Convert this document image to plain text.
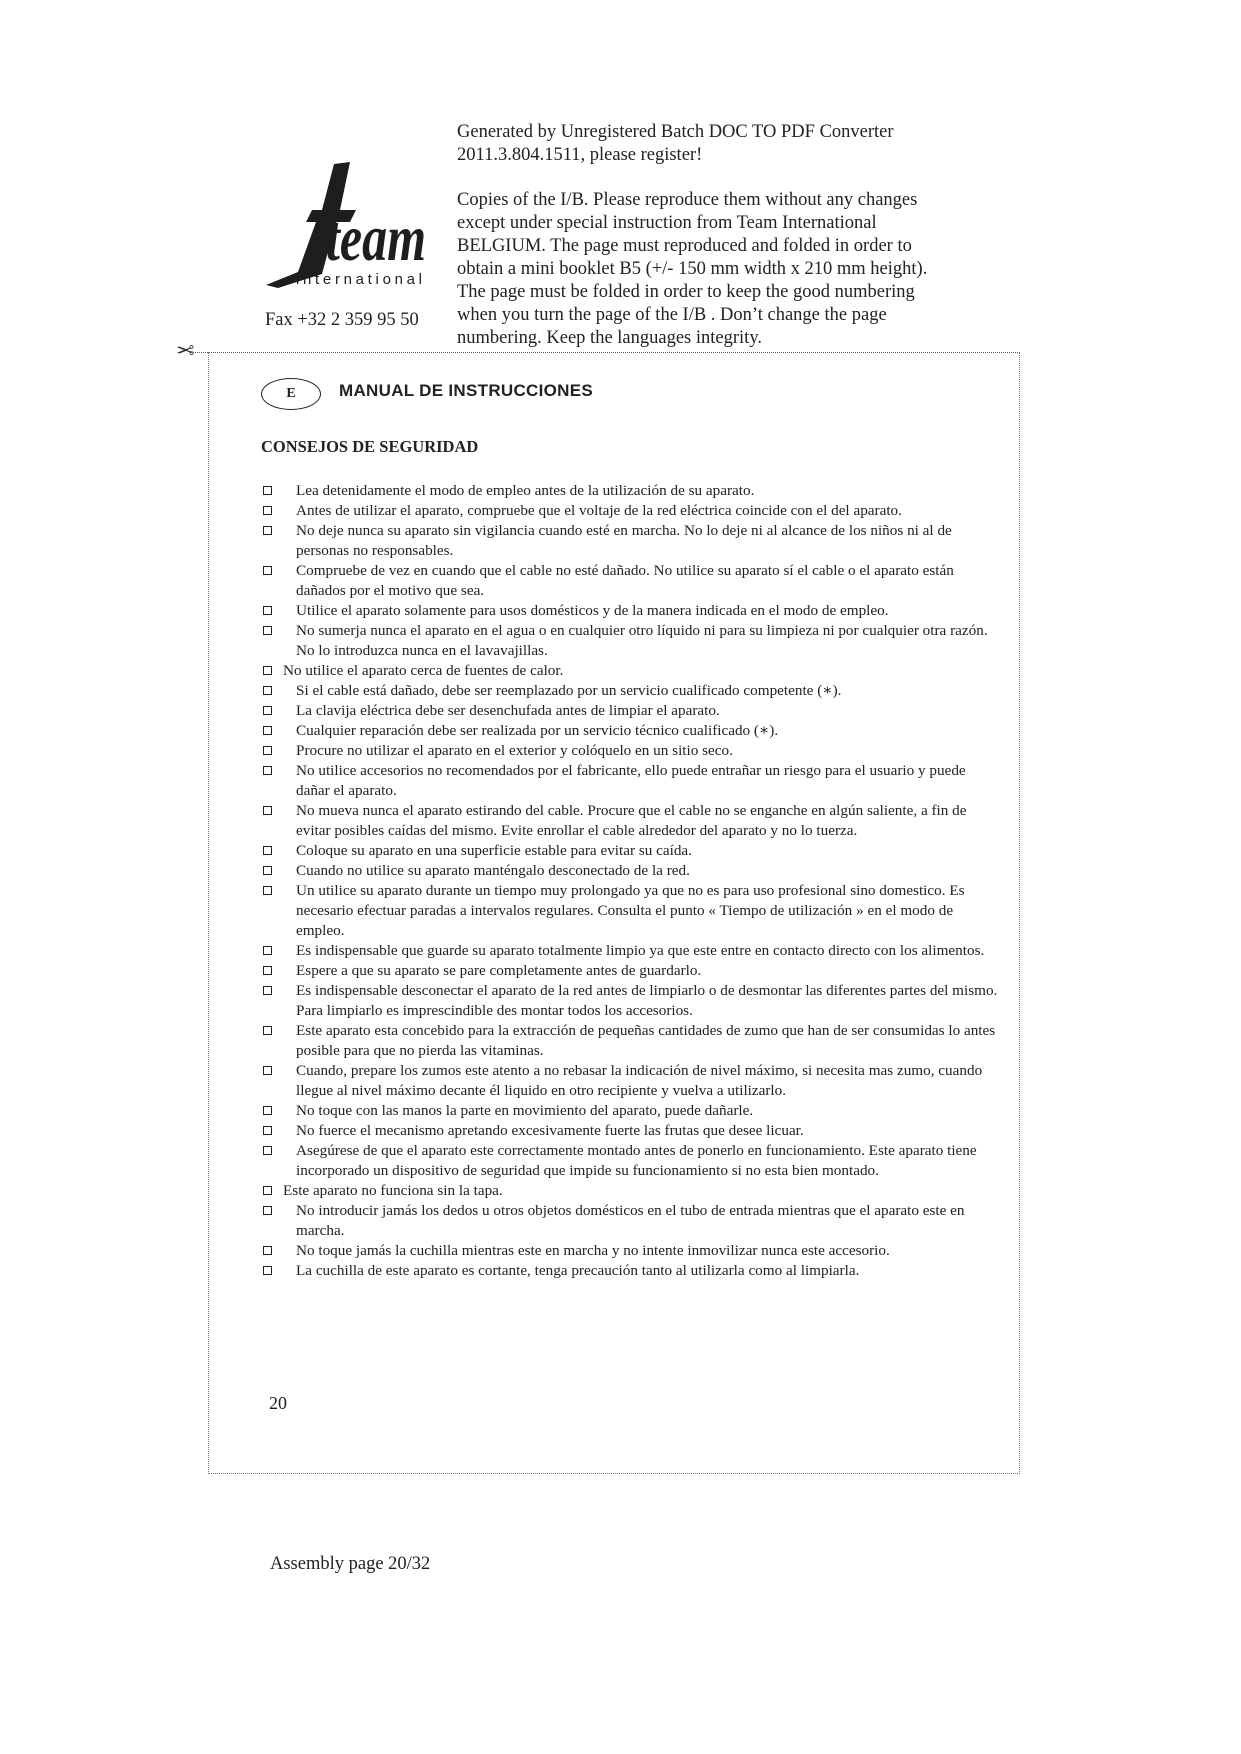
Generated by Unregistered Batch DOC TO PDF Converter

2011.3.804.1511, please register!

Copies of the I/B. Please reproduce them without any changes

except under special instruction from Team International

BELGIUM. The page must reproduced and folded in order to

obtain a mini booklet B5 (+/- 150 mm width x 210 mm height).

The page must be folded in order to keep the good numbering

when you turn the page of the I/B . Don’t change the page

numbering. Keep the languages integrity.

team
international
Fax +32 2 359 95 50
✂
E	MANUAL DE INSTRUCCIONES
CONSEJOS DE SEGURIDAD
Lea detenidamente el modo de empleo antes de la utilización de su aparato.
Antes de utilizar el aparato, compruebe que el voltaje de la red eléctrica coincide con el del aparato.
No deje nunca su aparato sin vigilancia cuando esté en marcha. No lo deje ni al alcance de los niños ni al de personas no responsables.
Compruebe de vez en cuando que el cable no esté dañado. No utilice su aparato sí el cable o el aparato están dañados por el motivo que sea.
Utilice el aparato solamente para usos domésticos y de la manera indicada en el modo de empleo.
No sumerja nunca el aparato en el agua o en cualquier otro líquido ni para su limpieza ni por cualquier otra razón. No lo introduzca nunca en el lavavajillas.
No utilice el aparato cerca de fuentes de calor.
Si el cable está dañado, debe ser reemplazado por un servicio cualificado competente (∗).
La clavija eléctrica debe ser desenchufada antes de limpiar el aparato.
Cualquier reparación debe ser realizada por un servicio técnico cualificado (∗).
Procure no utilizar el aparato en el exterior y colóquelo en un sitio seco.
No utilice accesorios no recomendados por el fabricante, ello puede entrañar un riesgo para el usuario y puede dañar el aparato.
No mueva nunca el aparato estirando del cable. Procure que el cable no se enganche en algún saliente, a fin de evitar posibles caídas del mismo. Evite enrollar el cable alrededor del aparato y no lo tuerza.
Coloque su aparato en una superficie estable para evitar su caída.
Cuando no utilice su aparato manténgalo desconectado de la red.
Un utilice su aparato durante un tiempo muy prolongado ya que no es para uso profesional sino domestico. Es necesario efectuar paradas a intervalos regulares. Consulta el punto « Tiempo de utilización » en el modo de empleo.
Es indispensable que guarde su aparato totalmente limpio ya que este entre en contacto directo con los alimentos.
Espere a que su aparato se pare completamente antes de guardarlo.
Es indispensable desconectar el aparato de la red antes de limpiarlo o de desmontar las diferentes partes del mismo. Para limpiarlo es imprescindible des montar todos los accesorios.
Este aparato esta concebido para la extracción de pequeñas cantidades de zumo que han de ser consumidas lo antes posible para que no pierda las vitaminas.
Cuando, prepare los zumos este atento a no rebasar la indicación de nivel máximo, si necesita mas zumo, cuando llegue al nivel máximo decante él liquido en otro recipiente y vuelva a utilizarlo.
No toque con las manos la parte en movimiento del aparato, puede dañarle.
No fuerce el mecanismo apretando excesivamente fuerte las frutas que desee licuar.
Asegúrese de que el aparato este correctamente montado antes de ponerlo en funcionamiento. Este aparato tiene incorporado un dispositivo de seguridad que impide su funcionamiento si no esta bien montado.
Este aparato no funciona sin la tapa.
No introducir jamás los dedos u otros objetos domésticos en el tubo de entrada mientras que el aparato este en marcha.
No toque jamás la cuchilla mientras este en marcha y no intente inmovilizar nunca este accesorio.
La cuchilla de este aparato es cortante, tenga precaución tanto al utilizarla como al limpiarla.
20
Assembly page 20/32
